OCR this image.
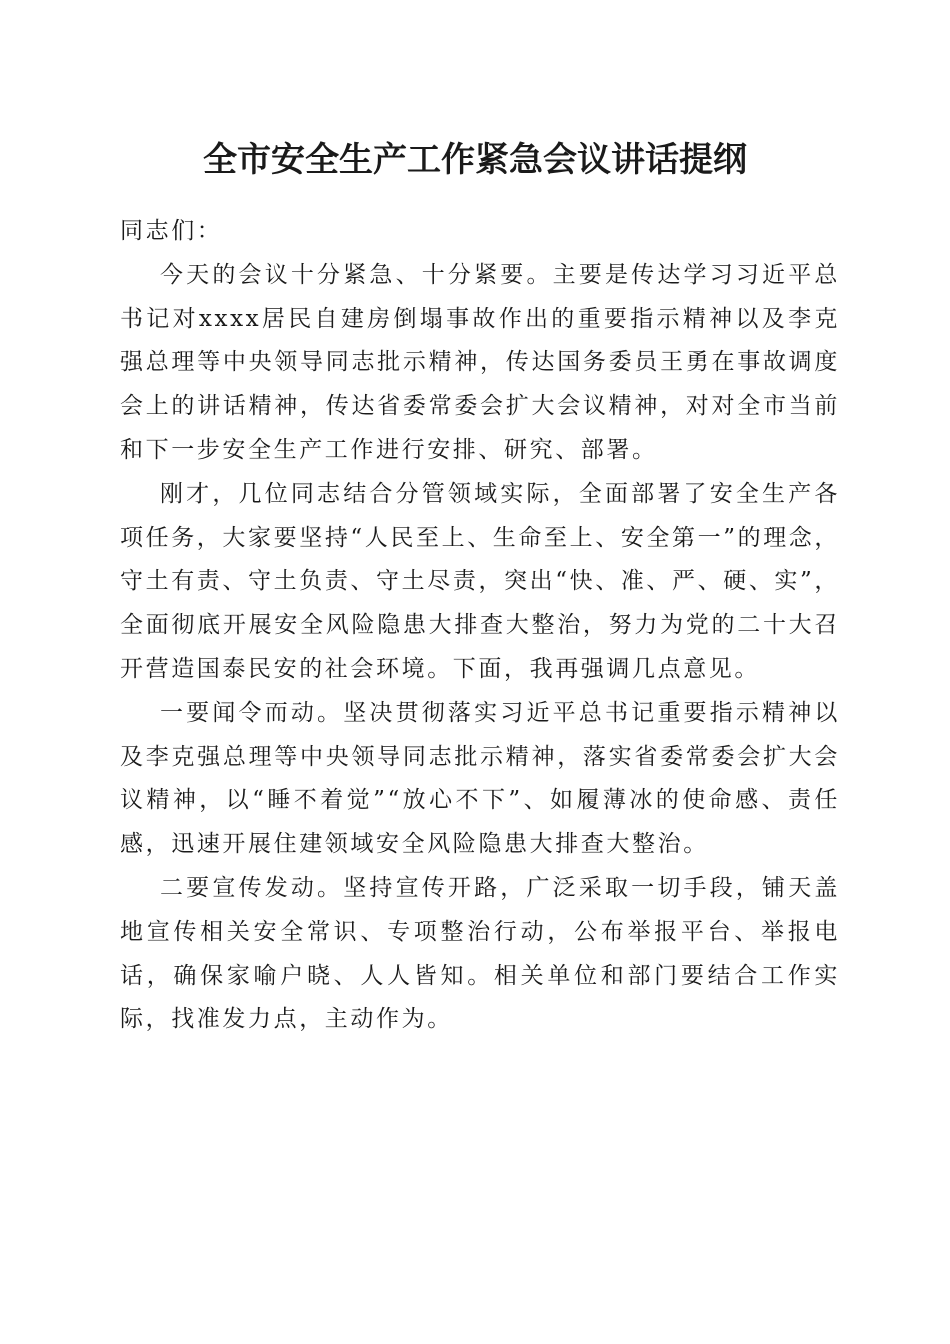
全市安全生产工作紧急会议讲话提纲

同志们：

今天的会议十分紧急、十分紧要。主要是传达学习习近平总书记对xxxx居民自建房倒塌事故作出的重要指示精神以及李克强总理等中央领导同志批示精神，传达国务委员王勇在事故调度会上的讲话精神，传达省委常委会扩大会议精神，对对全市当前和下一步安全生产工作进行安排、研究、部署。

刚才，几位同志结合分管领域实际，全面部署了安全生产各项任务，大家要坚持“人民至上、生命至上、安全第一”的理念，守土有责、守土负责、守土尽责，突出“快、准、严、硬、实”，全面彻底开展安全风险隐患大排查大整治，努力为党的二十大召开营造国泰民安的社会环境。下面，我再强调几点意见。

一要闻令而动。坚决贯彻落实习近平总书记重要指示精神以及李克强总理等中央领导同志批示精神，落实省委常委会扩大会议精神，以“睡不着觉”“放心不下”、如履薄冰的使命感、责任感，迅速开展住建领域安全风险隐患大排查大整治。

二要宣传发动。坚持宣传开路，广泛采取一切手段，铺天盖地宣传相关安全常识、专项整治行动，公布举报平台、举报电话，确保家喻户晓、人人皆知。相关单位和部门要结合工作实际，找准发力点，主动作为。
